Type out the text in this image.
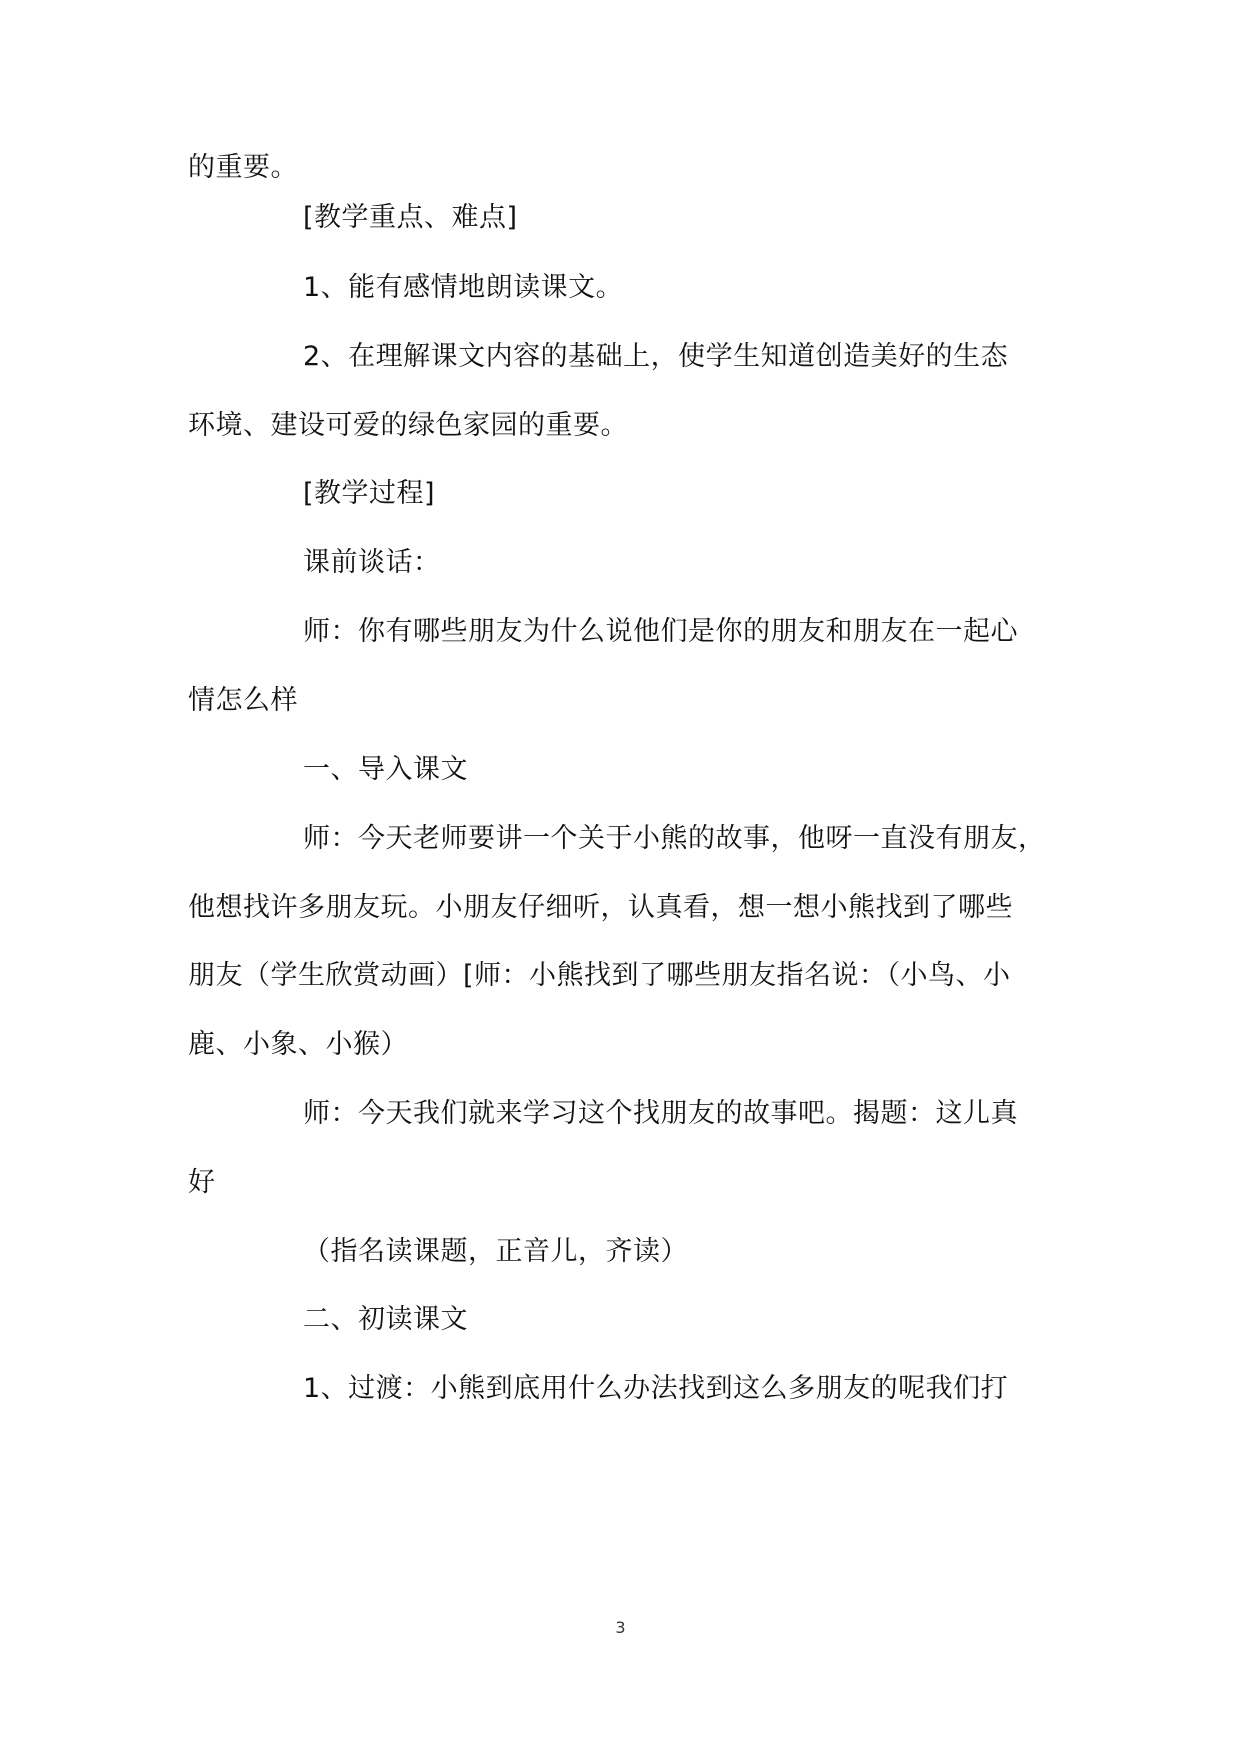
的重要。
[教学重点、难点]
1、能有感情地朗读课文。
2、在理解课文内容的基础上，使学生知道创造美好的生态
环境、建设可爱的绿色家园的重要。
[教学过程]
课前谈话：
师：你有哪些朋友为什么说他们是你的朋友和朋友在一起心
情怎么样
一、导入课文
师：今天老师要讲一个关于小熊的故事，他呀一直没有朋友，
他想找许多朋友玩。小朋友仔细听，认真看，想一想小熊找到了哪些
朋友（学生欣赏动画）[师：小熊找到了哪些朋友指名说：（小鸟、小
鹿、小象、小猴）
师：今天我们就来学习这个找朋友的故事吧。揭题：这儿真
好
（指名读课题，正音儿，齐读）
二、初读课文
1、过渡：小熊到底用什么办法找到这么多朋友的呢我们打
3
